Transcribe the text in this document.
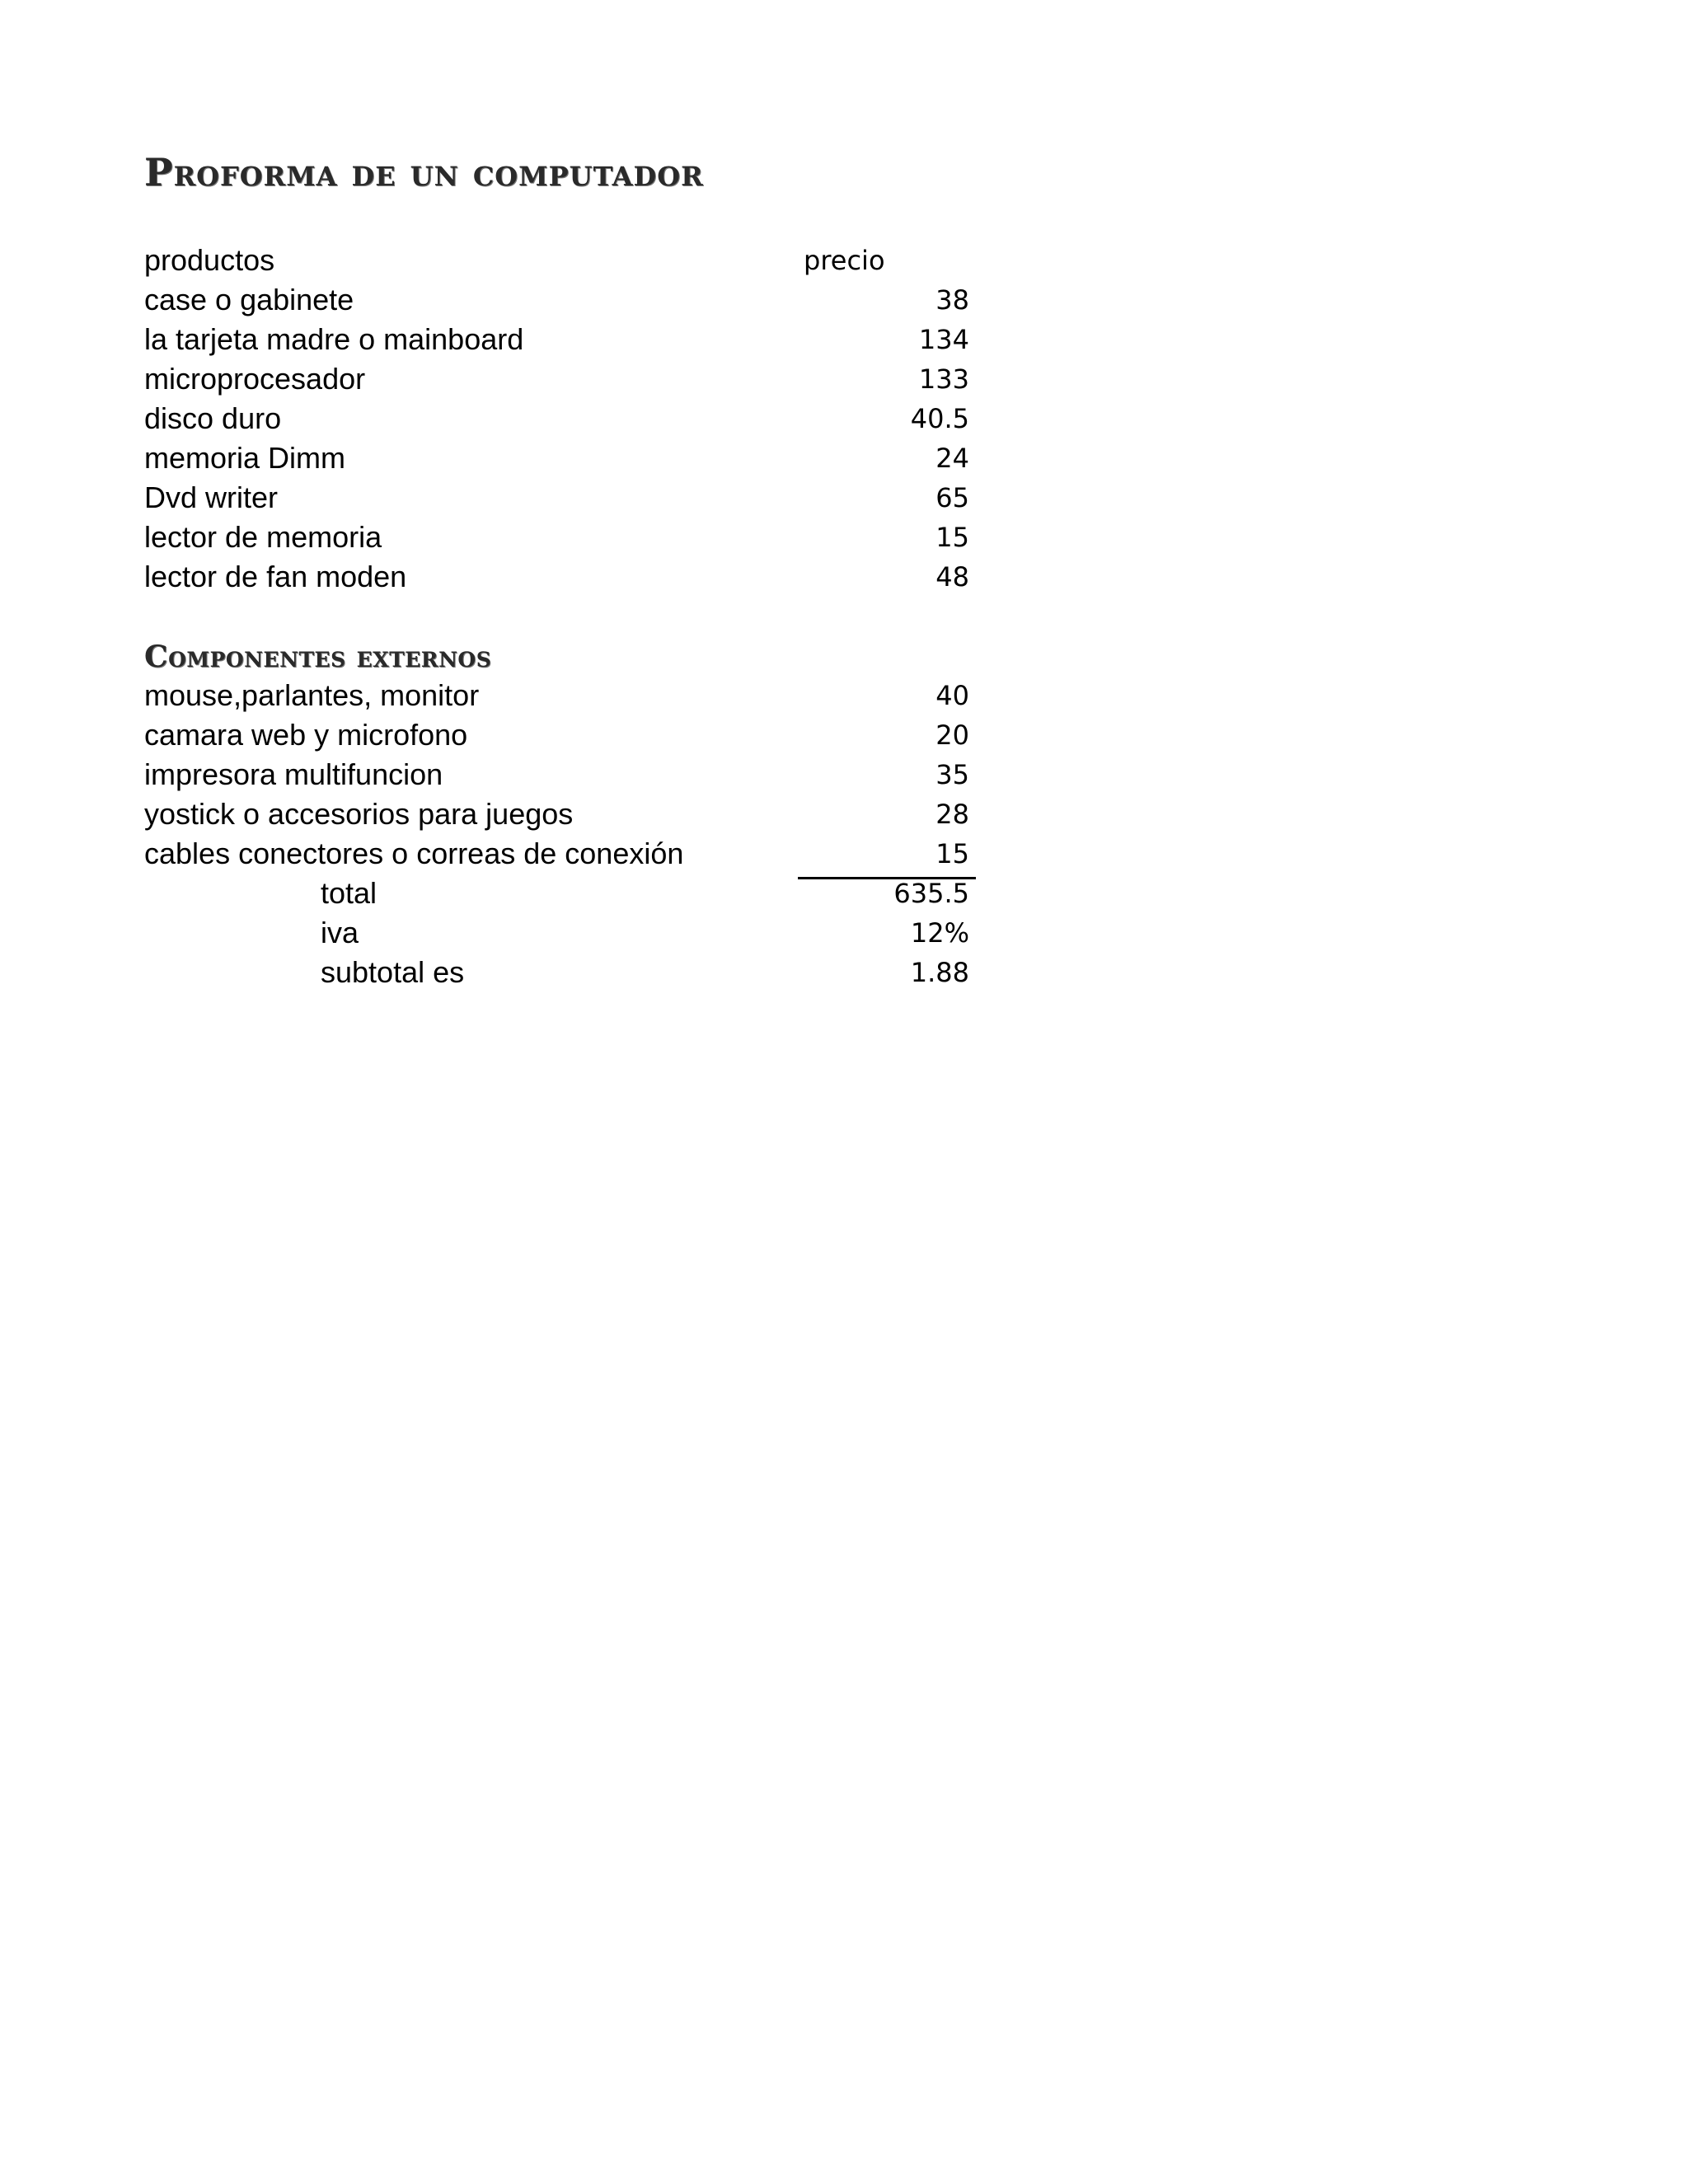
Proforma de un computador
productos	precio
case o gabinete	38
la tarjeta madre o mainboard	134
microprocesador	133
disco duro	40.5
memoria Dimm	24
Dvd writer	65
lector de memoria	15
lector de fan moden	48
Componentes externos
mouse,parlantes, monitor	40
camara web y microfono	20
impresora multifuncion	35
yostick o accesorios para juegos	28
cables conectores o correas de conexión	15
total	635.5
iva	12%
subtotal es	1.88
